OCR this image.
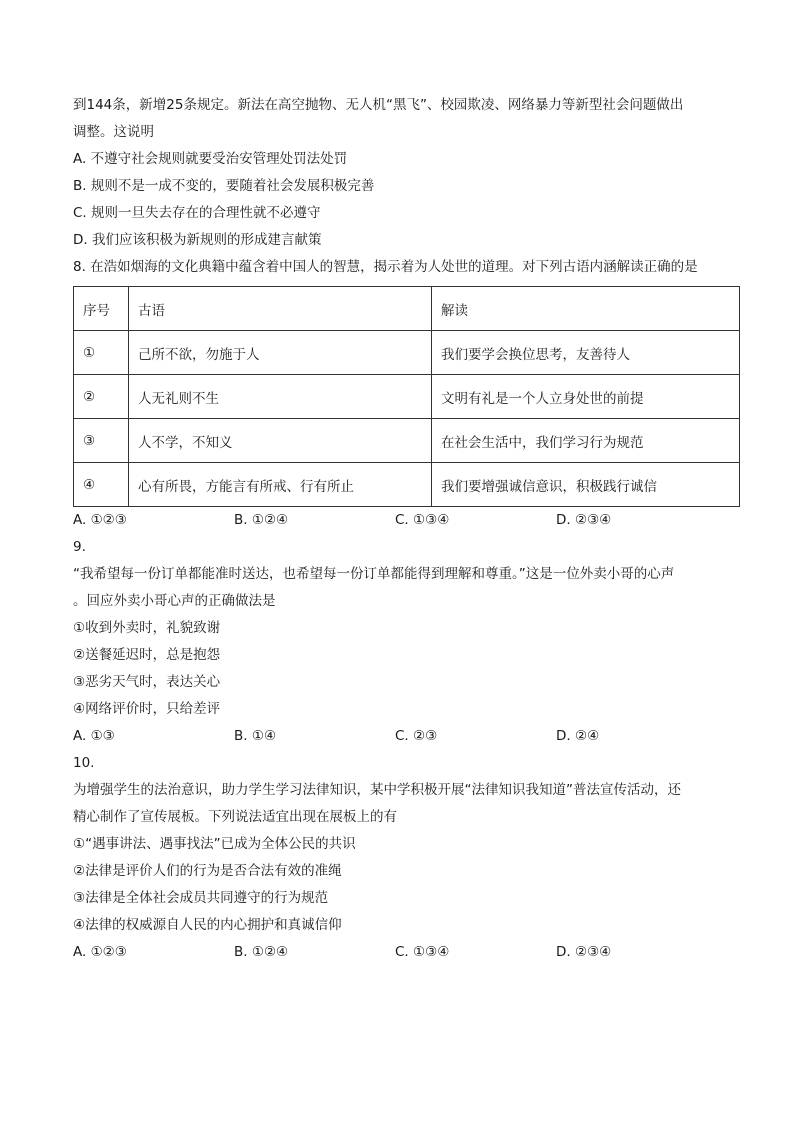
到144条，新增25条规定。新法在高空抛物、无人机“黑飞”、校园欺凌、网络暴力等新型社会问题做出
调整。这说明
A. 不遵守社会规则就要受治安管理处罚法处罚
B. 规则不是一成不变的，要随着社会发展积极完善
C. 规则一旦失去存在的合理性就不必遵守
D. 我们应该积极为新规则的形成建言献策
8. 在浩如烟海的文化典籍中蕴含着中国人的智慧，揭示着为人处世的道理。对下列古语内涵解读正确的是
序号	古语	解读
①	己所不欲，勿施于人	我们要学会换位思考，友善待人
②	人无礼则不生	文明有礼是一个人立身处世的前提
③	人不学，不知义	在社会生活中，我们学习行为规范
④	心有所畏，方能言有所戒、行有所止	我们要增强诚信意识，积极践行诚信
A. ①②③	B. ①②④	C. ①③④	D. ②③④
9.
“我希望每一份订单都能准时送达，也希望每一份订单都能得到理解和尊重。”这是一位外卖小哥的心声
。回应外卖小哥心声的正确做法是
①收到外卖时，礼貌致谢
②送餐延迟时，总是抱怨
③恶劣天气时，表达关心
④网络评价时，只给差评
A. ①③	B. ①④	C. ②③	D. ②④
10.
为增强学生的法治意识，助力学生学习法律知识，某中学积极开展“法律知识我知道”普法宣传活动，还
精心制作了宣传展板。下列说法适宜出现在展板上的有
①“遇事讲法、遇事找法”已成为全体公民的共识
②法律是评价人们的行为是否合法有效的准绳
③法律是全体社会成员共同遵守的行为规范
④法律的权威源自人民的内心拥护和真诚信仰
A. ①②③	B. ①②④	C. ①③④	D. ②③④
